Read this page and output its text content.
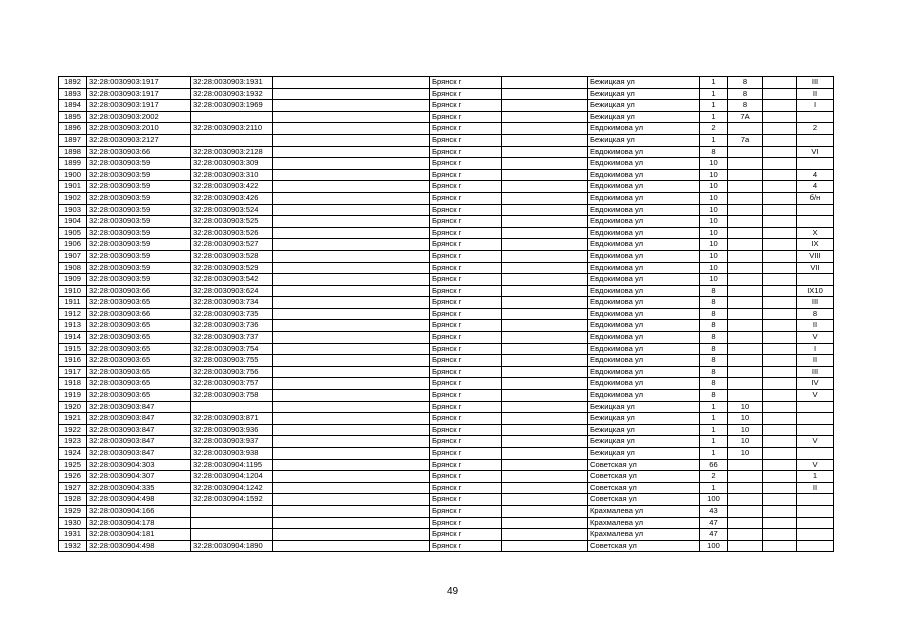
1892	32:28:0030903:1917	32:28:0030903:1931		Брянск г		Бежицкая ул	1	8		III
1893	32:28:0030903:1917	32:28:0030903:1932		Брянск г		Бежицкая ул	1	8		II
1894	32:28:0030903:1917	32:28:0030903:1969		Брянск г		Бежицкая ул	1	8		I
1895	32:28:0030903:2002			Брянск г		Бежицкая ул	1	7А		
1896	32:28:0030903:2010	32:28:0030903:2110		Брянск г		Евдокимова ул	2			2
1897	32:28:0030903:2127			Брянск г		Бежицкая ул	1	7а		
1898	32:28:0030903:66	32:28:0030903:2128		Брянск г		Евдокимова ул	8			VI
1899	32:28:0030903:59	32:28:0030903:309		Брянск г		Евдокимова ул	10			
1900	32:28:0030903:59	32:28:0030903:310		Брянск г		Евдокимова ул	10			4
1901	32:28:0030903:59	32:28:0030903:422		Брянск г		Евдокимова ул	10			4
1902	32:28:0030903:59	32:28:0030903:426		Брянск г		Евдокимова ул	10			б/н
1903	32:28:0030903:59	32:28:0030903:524		Брянск г		Евдокимова ул	10			
1904	32:28:0030903:59	32:28:0030903:525		Брянск г		Евдокимова ул	10			
1905	32:28:0030903:59	32:28:0030903:526		Брянск г		Евдокимова ул	10			X
1906	32:28:0030903:59	32:28:0030903:527		Брянск г		Евдокимова ул	10			IX
1907	32:28:0030903:59	32:28:0030903:528		Брянск г		Евдокимова ул	10			VIII
1908	32:28:0030903:59	32:28:0030903:529		Брянск г		Евдокимова ул	10			VII
1909	32:28:0030903:59	32:28:0030903:542		Брянск г		Евдокимова ул	10			
1910	32:28:0030903:66	32:28:0030903:624		Брянск г		Евдокимова ул	8			IX10
1911	32:28:0030903:65	32:28:0030903:734		Брянск г		Евдокимова ул	8			III
1912	32:28:0030903:66	32:28:0030903:735		Брянск г		Евдокимова ул	8			8
1913	32:28:0030903:65	32:28:0030903:736		Брянск г		Евдокимова ул	8			II
1914	32:28:0030903:65	32:28:0030903:737		Брянск г		Евдокимова ул	8			V
1915	32:28:0030903:65	32:28:0030903:754		Брянск г		Евдокимова ул	8			I
1916	32:28:0030903:65	32:28:0030903:755		Брянск г		Евдокимова ул	8			II
1917	32:28:0030903:65	32:28:0030903:756		Брянск г		Евдокимова ул	8			III
1918	32:28:0030903:65	32:28:0030903:757		Брянск г		Евдокимова ул	8			IV
1919	32:28:0030903:65	32:28:0030903:758		Брянск г		Евдокимова ул	8			V
1920	32:28:0030903:847			Брянск г		Бежицкая ул	1	10		
1921	32:28:0030903:847	32:28:0030903:871		Брянск г		Бежицкая ул	1	10		
1922	32:28:0030903:847	32:28:0030903:936		Брянск г		Бежицкая ул	1	10		
1923	32:28:0030903:847	32:28:0030903:937		Брянск г		Бежицкая ул	1	10		V
1924	32:28:0030903:847	32:28:0030903:938		Брянск г		Бежицкая ул	1	10		
1925	32:28:0030904:303	32:28:0030904:1195		Брянск г		Советская ул	66			V
1926	32:28:0030904:307	32:28:0030904:1204		Брянск г		Советская ул	2			1
1927	32:28:0030904:335	32:28:0030904:1242		Брянск г		Советская ул	1			II
1928	32:28:0030904:498	32:28:0030904:1592		Брянск г		Советская ул	100			
1929	32:28:0030904:166			Брянск г		Крахмалева ул	43			
1930	32:28:0030904:178			Брянск г		Крахмалева ул	47			
1931	32:28:0030904:181			Брянск г		Крахмалева ул	47			
1932	32:28:0030904:498	32:28:0030904:1890		Брянск г		Советская ул	100			
49
